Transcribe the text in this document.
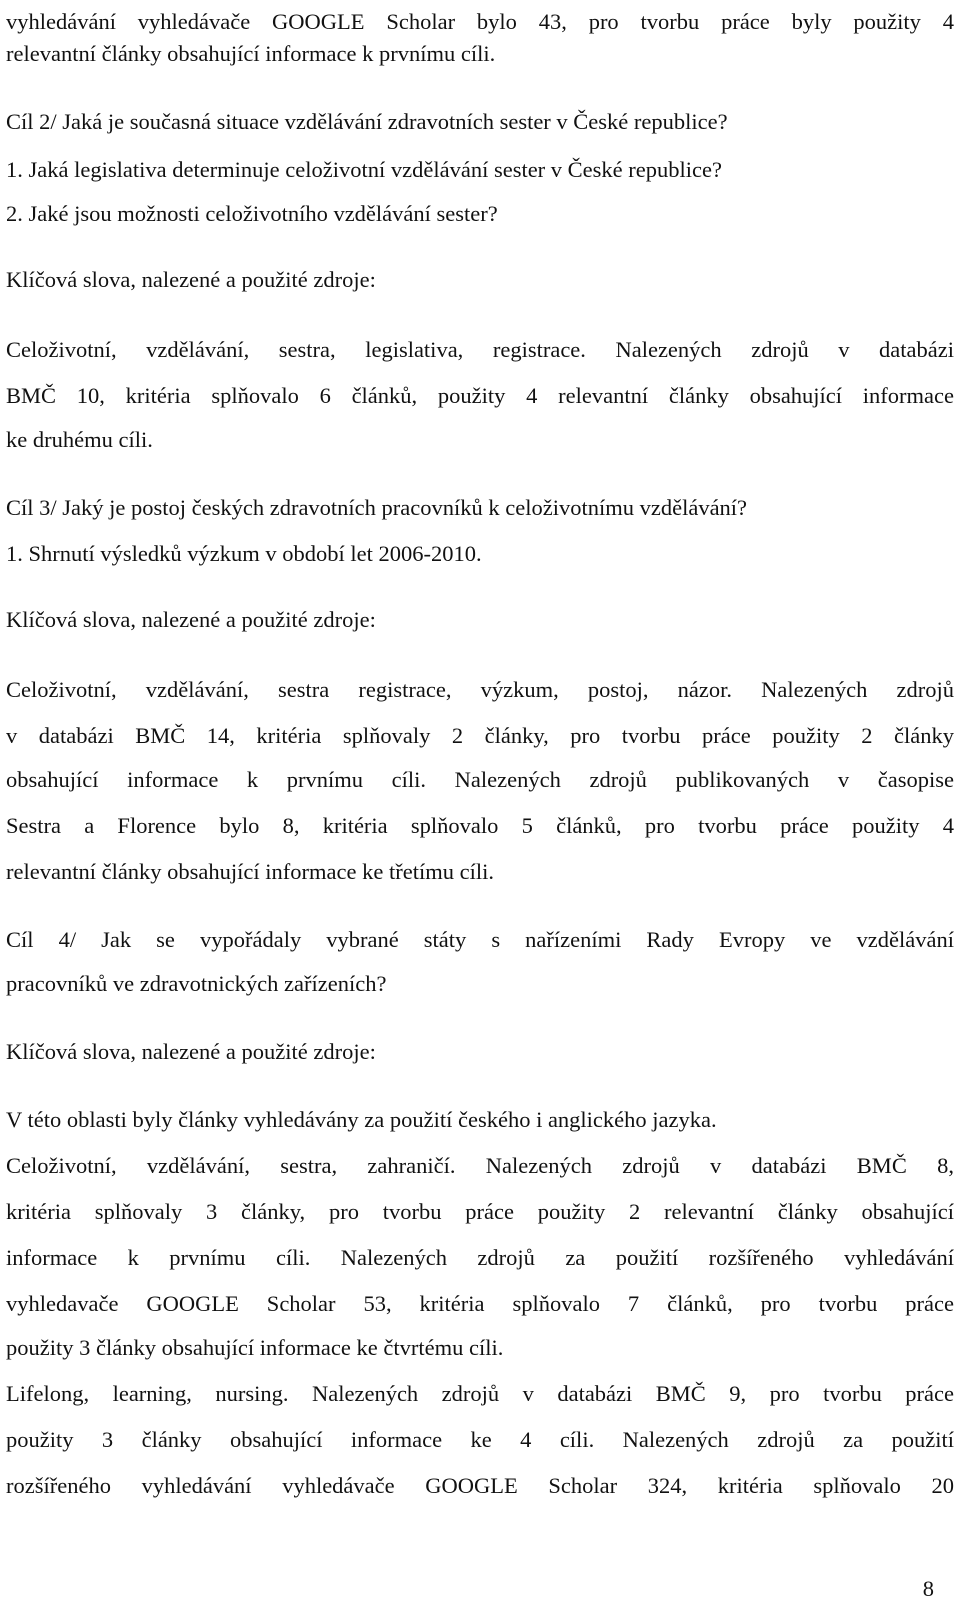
vyhledávání vyhledávače GOOGLE Scholar bylo 43, pro tvorbu práce byly použity 4
relevantní články obsahující informace k prvnímu cíli.
Cíl 2/ Jaká je současná situace vzdělávání zdravotních sester v České republice?
1. Jaká legislativa determinuje celoživotní vzdělávání sester v České republice?
2. Jaké jsou možnosti celoživotního vzdělávání sester?
Klíčová slova, nalezené a použité zdroje:
Celoživotní, vzdělávání, sestra, legislativa, registrace. Nalezených zdrojů v databázi
BMČ 10, kritéria splňovalo 6 článků, použity 4 relevantní články obsahující informace
ke druhému cíli.
Cíl 3/ Jaký je postoj českých zdravotních pracovníků k celoživotnímu vzdělávání?
1. Shrnutí výsledků výzkum v období let 2006-2010.
Klíčová slova, nalezené a použité zdroje:
Celoživotní, vzdělávání, sestra registrace, výzkum, postoj, názor. Nalezených zdrojů
v databázi BMČ 14, kritéria splňovaly 2 články, pro tvorbu práce použity 2 články
obsahující informace k prvnímu cíli. Nalezených zdrojů publikovaných v časopise
Sestra a Florence bylo 8, kritéria splňovalo 5 článků, pro tvorbu práce použity 4
relevantní články obsahující informace ke třetímu cíli.
Cíl 4/ Jak se vypořádaly vybrané státy s nařízeními Rady Evropy ve vzdělávání
pracovníků ve zdravotnických zařízeních?
Klíčová slova, nalezené a použité zdroje:
V této oblasti byly články vyhledávány za použití českého i anglického jazyka.
Celoživotní, vzdělávání, sestra, zahraničí. Nalezených zdrojů v databázi BMČ 8,
kritéria splňovaly 3 články, pro tvorbu práce použity 2 relevantní články obsahující
informace k prvnímu cíli. Nalezených zdrojů za použití rozšířeného vyhledávání
vyhledavače GOOGLE Scholar 53, kritéria splňovalo 7 článků, pro tvorbu práce
použity 3 články obsahující informace ke čtvrtému cíli.
Lifelong, learning, nursing. Nalezených zdrojů v databázi BMČ 9, pro tvorbu práce
použity 3 články obsahující informace ke 4 cíli. Nalezených zdrojů za použití
rozšířeného vyhledávání vyhledávače GOOGLE Scholar 324, kritéria splňovalo 20
8
